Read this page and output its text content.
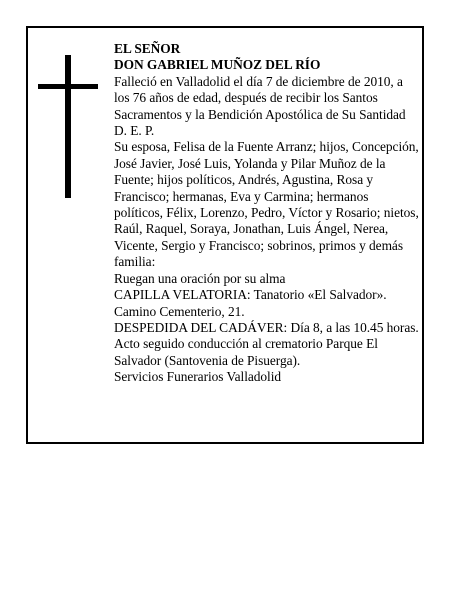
EL SEÑOR

DON GABRIEL MUÑOZ DEL RÍO

Falleció en Valladolid el día 7 de diciembre de 2010, a los 76 años de edad, después de recibir los Santos Sacramentos y la Bendición Apostólica de Su Santidad

D. E. P.

Su esposa, Felisa de la Fuente Arranz; hijos, Concepción, José Javier, José Luis, Yolanda y Pilar Muñoz de la Fuente; hijos políticos, Andrés, Agustina, Rosa y Francisco; hermanas, Eva y Carmina; hermanos políticos, Félix, Lorenzo, Pedro, Víctor y Rosario; nietos, Raúl, Raquel, Soraya, Jonathan, Luis Ángel, Nerea, Vicente, Sergio y Francisco; sobrinos, primos y demás familia:

Ruegan una oración por su alma

CAPILLA VELATORIA: Tanatorio «El Salvador». Camino Cementerio, 21.

DESPEDIDA DEL CADÁVER: Día 8, a las 10.45 horas. Acto seguido conducción al crematorio Parque El Salvador (Santovenia de Pisuerga).

Servicios Funerarios Valladolid
